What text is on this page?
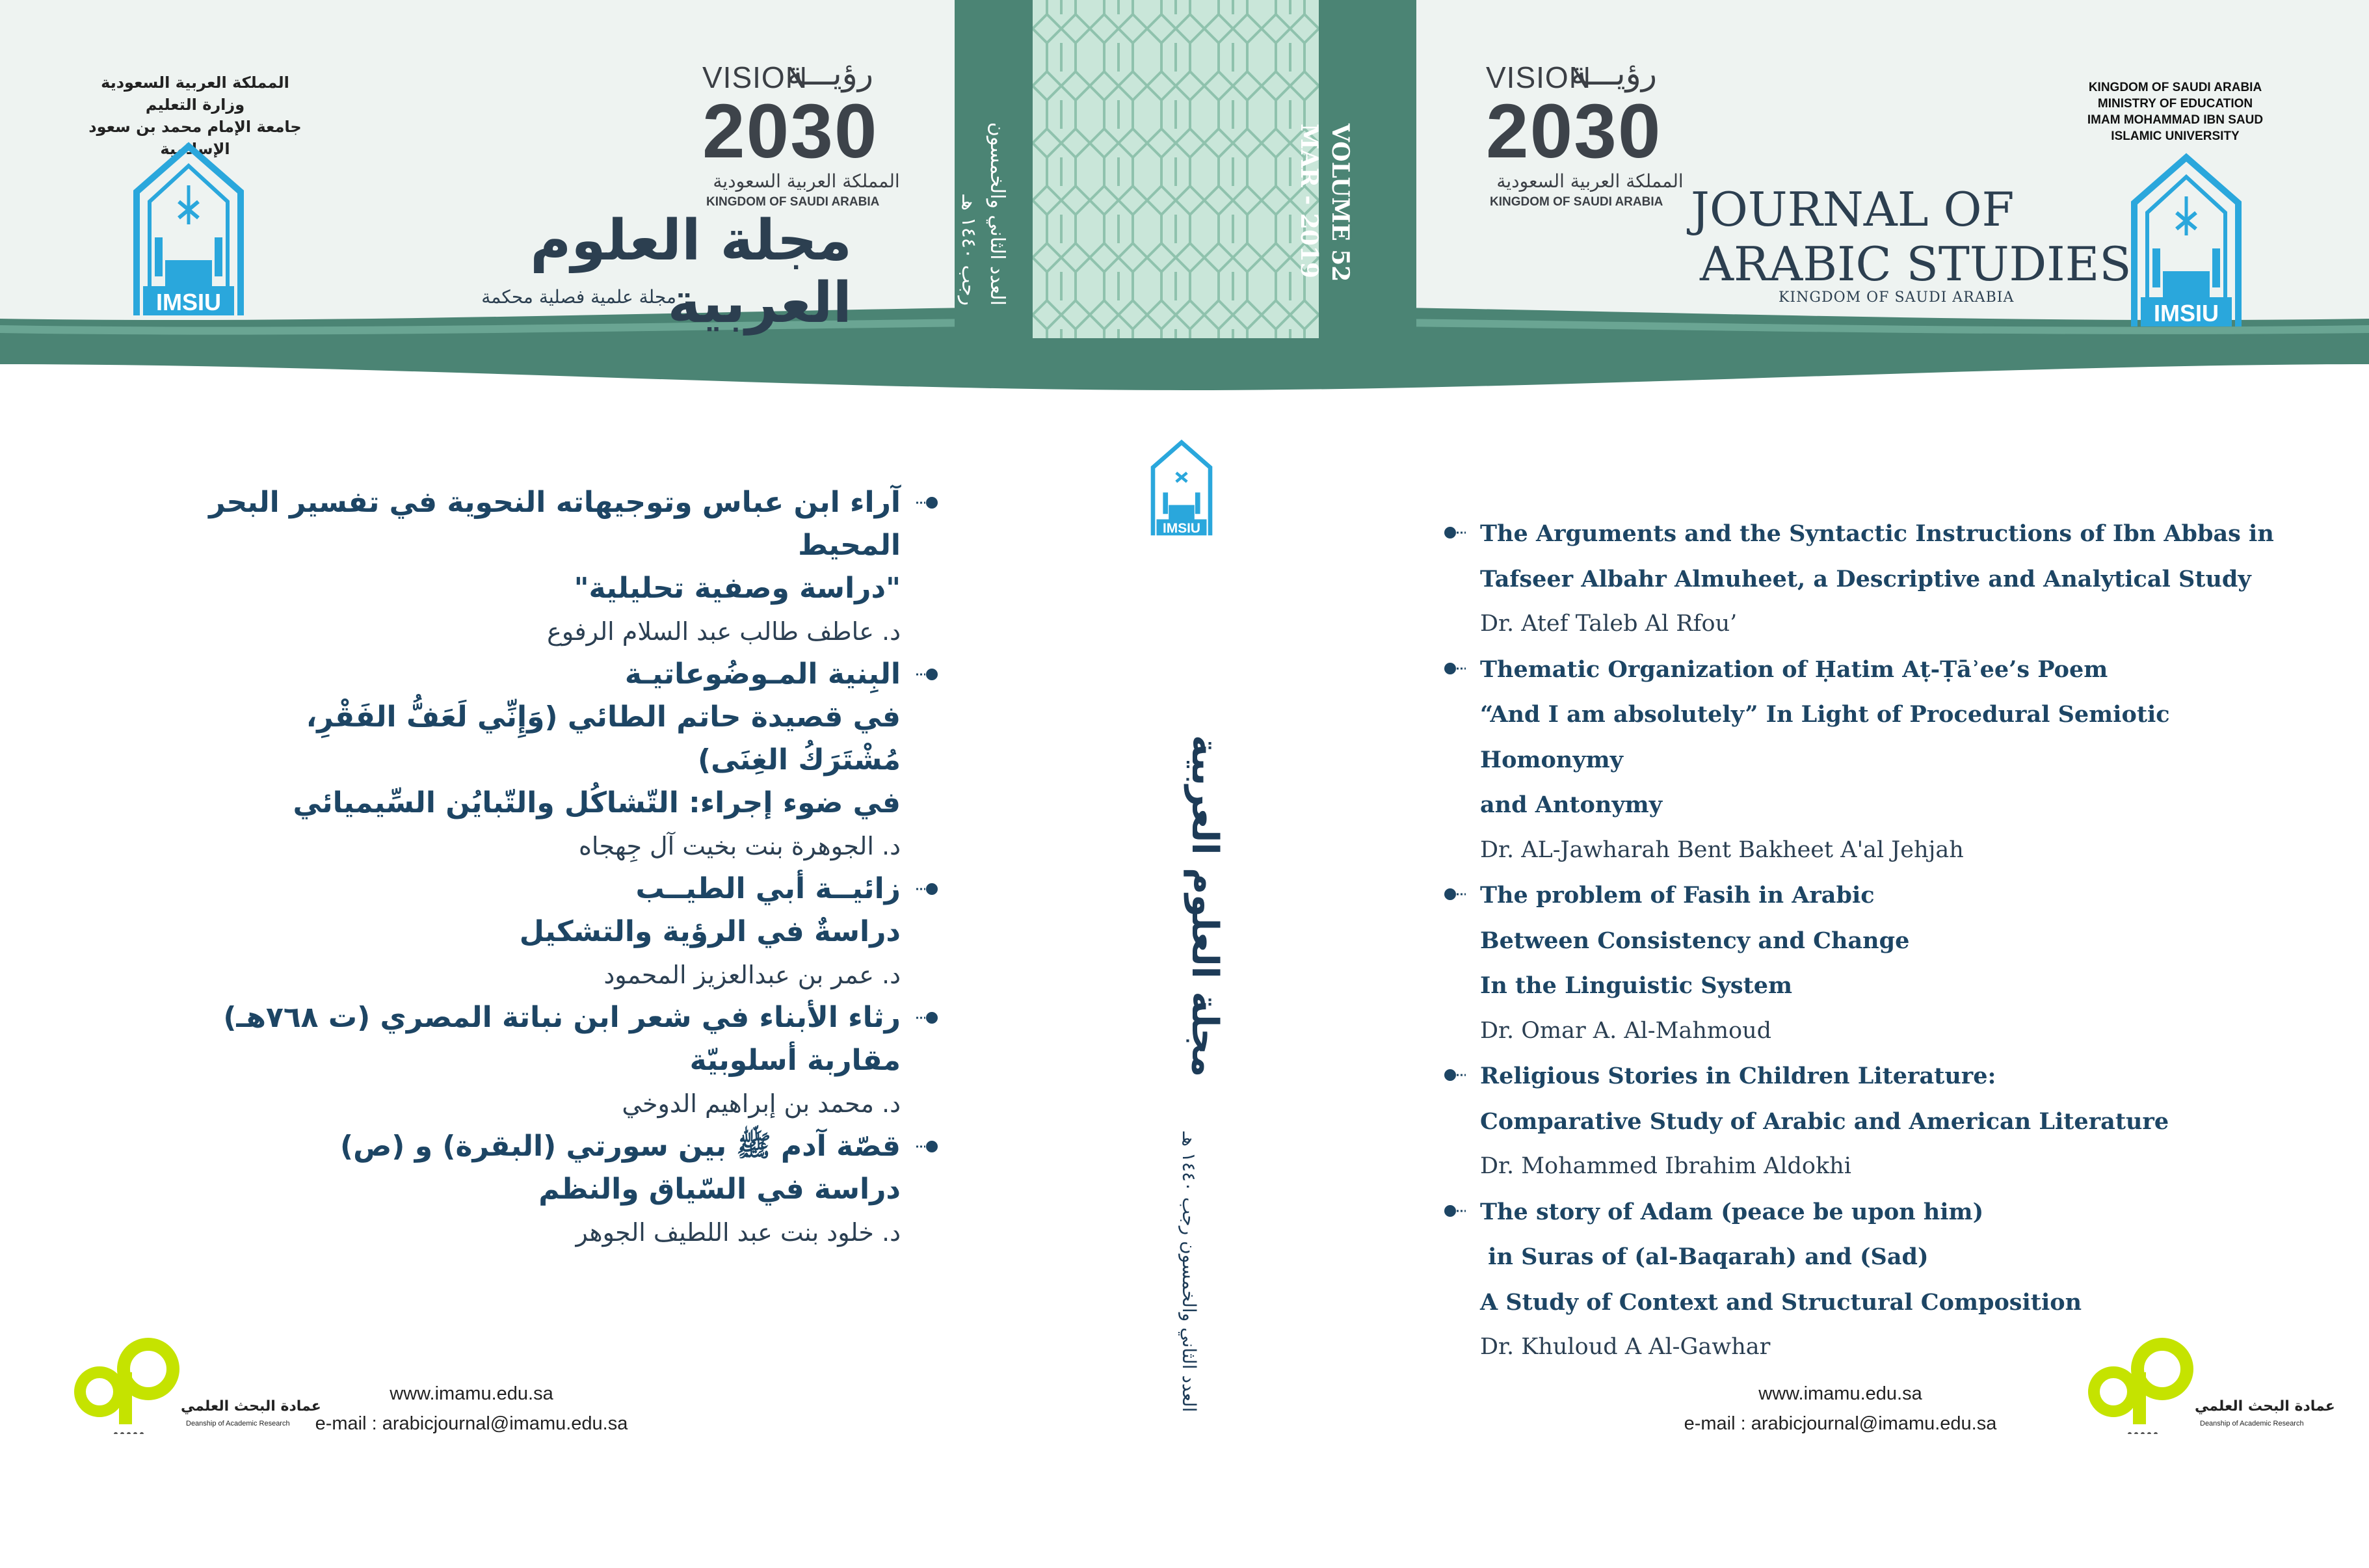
VOLUME 52
MAR - 2019
العدد الثاني والخمسون
رجب ١٤٤٠ هـ
المملكة العربية السعودية
وزارة التعليم
جامعة الإمام محمد بن سعود الإسلامية
IMSIU
VISION
رؤيـــة
2030
المملكة العربية السعودية
KINGDOM OF SAUDI ARABIA
مجلة العلوم العربية
مجلة علمية فصلية محكمة
VISION
رؤيـــة
2030
المملكة العربية السعودية
KINGDOM OF SAUDI ARABIA JOURNAL OF
ARABIC STUDIES
KINGDOM OF SAUDI ARABIA
KINGDOM OF SAUDI ARABIA
MINISTRY OF EDUCATION
IMAM MOHAMMAD IBN SAUD
ISLAMIC UNIVERSITY
IMSIU
IMSIU
مجلة العلوم العربية
العدد الثاني والخمسون رجب ١٤٤٠ هـ
آراء ابن عباس وتوجيهاته النحوية في تفسير البحر المحيط
"دراسة وصفية تحليلية"
د. عاطف طالب عبد السلام الرفوع
البِنية المـوضُوعاتيـة
في قصيدة حاتم الطائي (وَإِنِّي لَعَفُّ الفَقْرِ، مُشْتَرَكُ الغِنَى)
في ضوء إجراء: التّشاكُل والتّبايُن السِّيميائي
د. الجوهرة بنت بخيت آل جِهجاه
زائيــة أبي الطيــب
دراسةٌ في الرؤية والتشكيل
د. عمر بن عبدالعزيز المحمود
رثاء الأبناء في شعر ابن نباتة المصري (ت ٧٦٨هـ)
مقاربة أسلوبيّة
د. محمد بن إبراهيم الدوخي
قصّة آدم ﷺ بين سورتي (البقرة) و (ص)
دراسة في السّياق والنظم
د. خلود بنت عبد اللطيف الجوهر
The Arguments and the Syntactic Instructions of Ibn Abbas in
Tafseer Albahr Almuheet, a Descriptive and Analytical Study
Dr. Atef Taleb Al Rfou’
Thematic Organization of Ḥatim Aṭ-Ṭāʾee’s Poem
“And I am absolutely” In Light of Procedural Semiotic Homonymy
and Antonymy
Dr. AL-Jawharah Bent Bakheet A'al Jehjah
The problem of Fasih in Arabic
Between Consistency and Change
In the Linguistic System
Dr. Omar A. Al-Mahmoud
Religious Stories in Children Literature:
Comparative Study of Arabic and American Literature
Dr. Mohammed Ibrahim Aldokhi
The story of Adam (peace be upon him)
in Suras of (al-Baqarah) and (Sad)
A Study of Context and Structural Composition
Dr. Khuloud A Al-Gawhar
عمادة البحث العلمي
Deanship of Academic Research
www.imamu.edu.sa
e-mail : arabicjournal@imamu.edu.sa
www.imamu.edu.sa
e-mail : arabicjournal@imamu.edu.sa
عمادة البحث العلمي
Deanship of Academic Research
